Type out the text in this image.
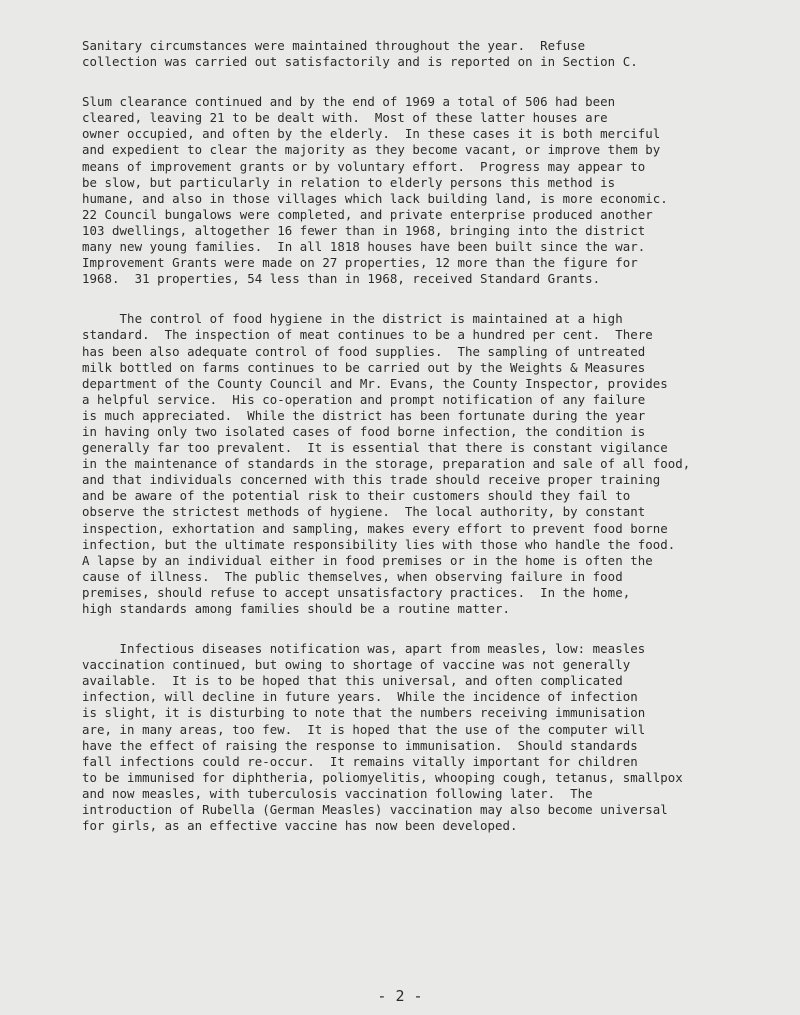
Sanitary circumstances were maintained throughout the year.  Refuse
collection was carried out satisfactorily and is reported on in Section C.
Slum clearance continued and by the end of 1969 a total of 506 had been
cleared, leaving 21 to be dealt with.  Most of these latter houses are
owner occupied, and often by the elderly.  In these cases it is both merciful
and expedient to clear the majority as they become vacant, or improve them by
means of improvement grants or by voluntary effort.  Progress may appear to
be slow, but particularly in relation to elderly persons this method is
humane, and also in those villages which lack building land, is more economic.
22 Council bungalows were completed, and private enterprise produced another
103 dwellings, altogether 16 fewer than in 1968, bringing into the district
many new young families.  In all 1818 houses have been built since the war.
Improvement Grants were made on 27 properties, 12 more than the figure for
1968.  31 properties, 54 less than in 1968, received Standard Grants.
The control of food hygiene in the district is maintained at a high
standard.  The inspection of meat continues to be a hundred per cent.  There
has been also adequate control of food supplies.  The sampling of untreated
milk bottled on farms continues to be carried out by the Weights & Measures
department of the County Council and Mr. Evans, the County Inspector, provides
a helpful service.  His co-operation and prompt notification of any failure
is much appreciated.  While the district has been fortunate during the year
in having only two isolated cases of food borne infection, the condition is
generally far too prevalent.  It is essential that there is constant vigilance
in the maintenance of standards in the storage, preparation and sale of all food,
and that individuals concerned with this trade should receive proper training
and be aware of the potential risk to their customers should they fail to
observe the strictest methods of hygiene.  The local authority, by constant
inspection, exhortation and sampling, makes every effort to prevent food borne
infection, but the ultimate responsibility lies with those who handle the food.
A lapse by an individual either in food premises or in the home is often the
cause of illness.  The public themselves, when observing failure in food
premises, should refuse to accept unsatisfactory practices.  In the home,
high standards among families should be a routine matter.
Infectious diseases notification was, apart from measles, low: measles
vaccination continued, but owing to shortage of vaccine was not generally
available.  It is to be hoped that this universal, and often complicated
infection, will decline in future years.  While the incidence of infection
is slight, it is disturbing to note that the numbers receiving immunisation
are, in many areas, too few.  It is hoped that the use of the computer will
have the effect of raising the response to immunisation.  Should standards
fall infections could re-occur.  It remains vitally important for children
to be immunised for diphtheria, poliomyelitis, whooping cough, tetanus, smallpox
and now measles, with tuberculosis vaccination following later.  The
introduction of Rubella (German Measles) vaccination may also become universal
for girls, as an effective vaccine has now been developed.
- 2 -
